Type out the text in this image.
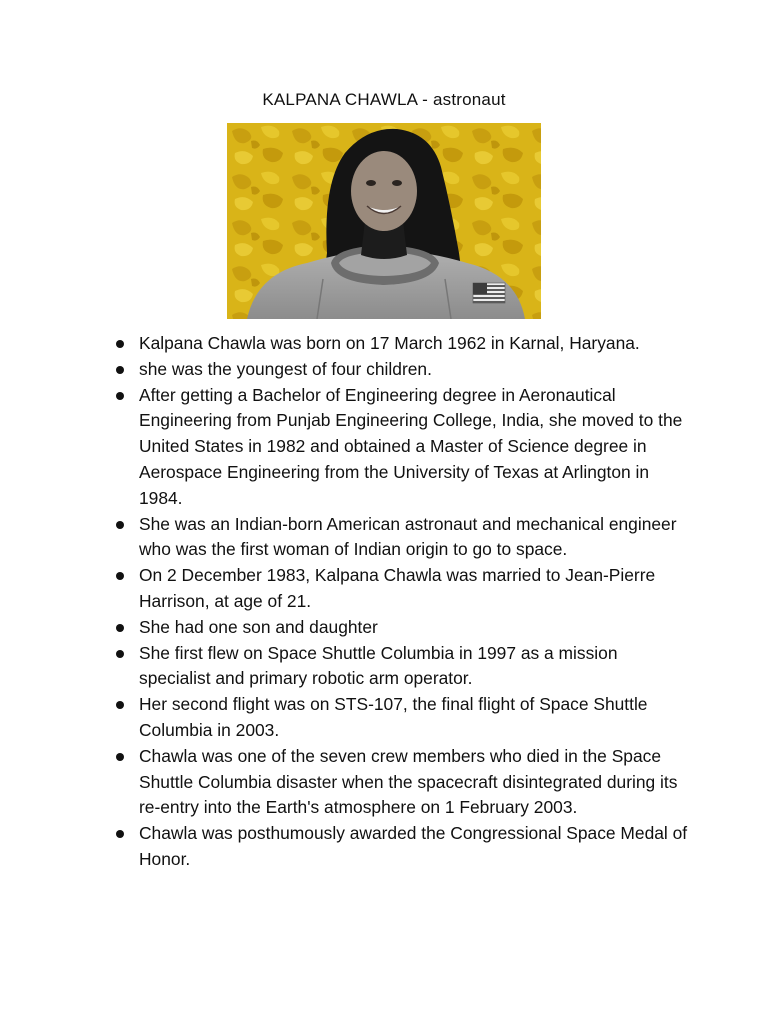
KALPANA CHAWLA - astronaut
Kalpana Chawla was born on 17 March 1962 in Karnal, Haryana.
she was the youngest of four children.
After getting a Bachelor of Engineering degree in Aeronautical Engineering from Punjab Engineering College, India, she moved to the United States in 1982 and obtained a Master of Science degree in Aerospace Engineering from the University of Texas at Arlington in 1984.
She was an Indian-born American astronaut and mechanical engineer who was the first woman of Indian origin to go to space.
On 2 December 1983, Kalpana Chawla was married to Jean-Pierre Harrison, at age of 21.
She had one son and daughter
She first flew on Space Shuttle Columbia in 1997 as a mission specialist and primary robotic arm operator.
Her second flight was on STS-107, the final flight of Space Shuttle Columbia in 2003.
Chawla was one of the seven crew members who died in the Space Shuttle Columbia disaster when the spacecraft disintegrated during its re-entry into the Earth's atmosphere on 1 February 2003.
Chawla was posthumously awarded the Congressional Space Medal of Honor.
